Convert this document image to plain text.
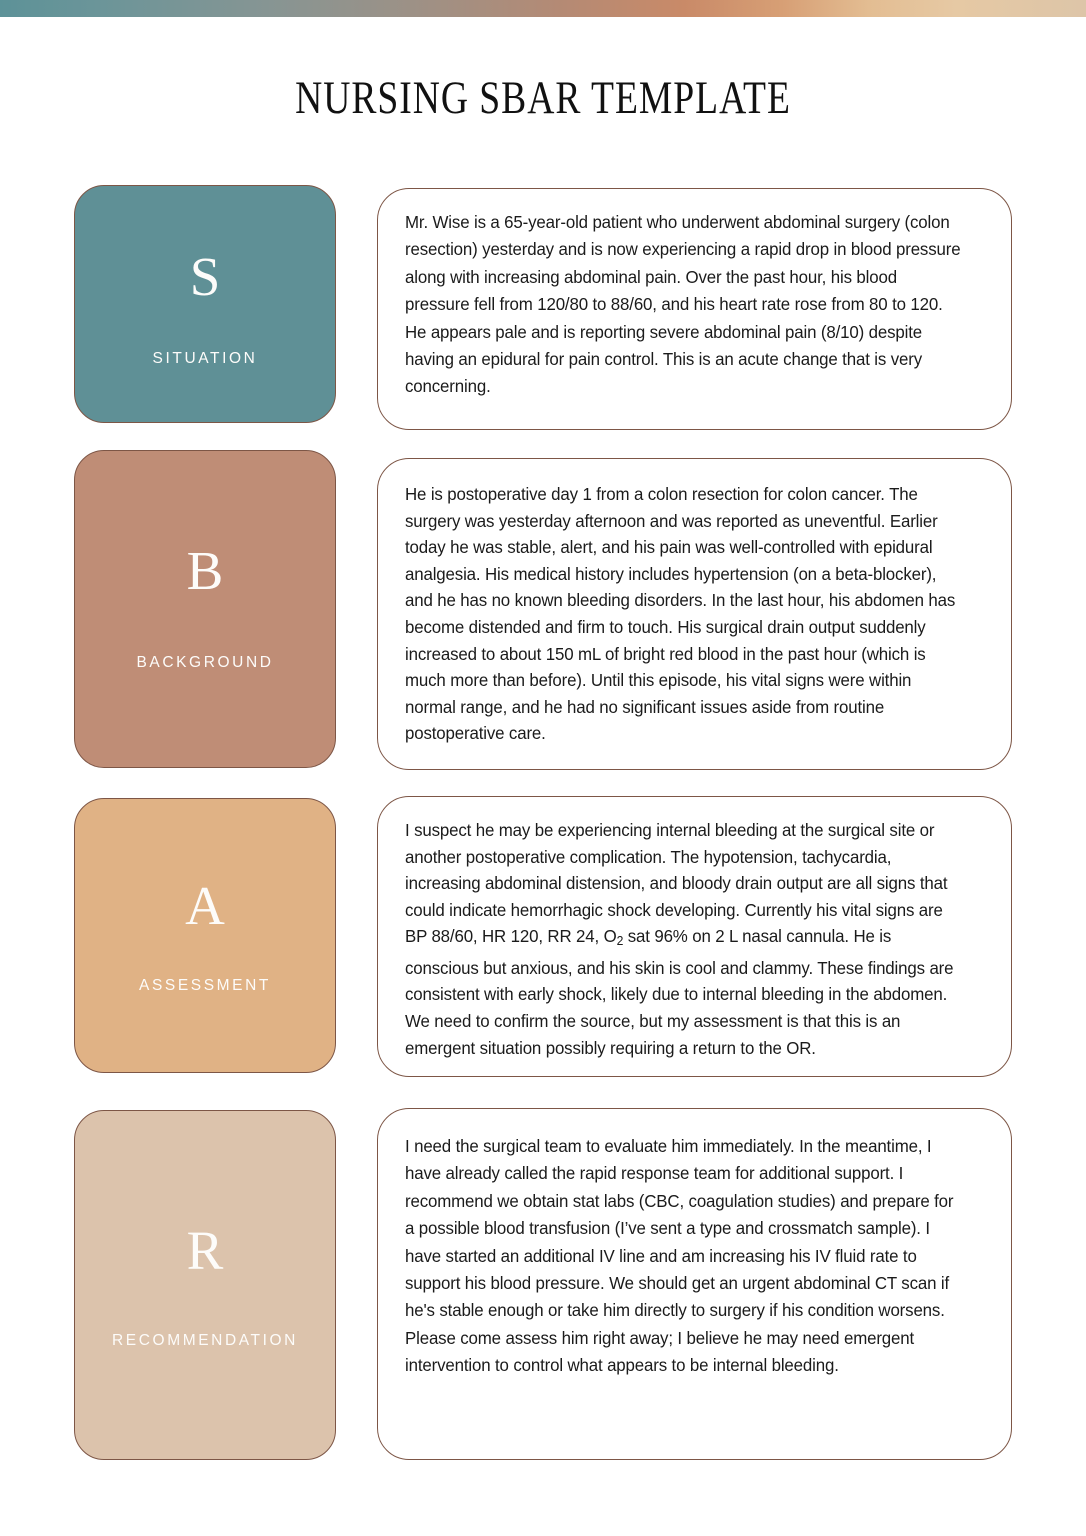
NURSING SBAR TEMPLATE
S
SITUATION
Mr. Wise is a 65-year-old patient who underwent abdominal surgery (colon resection) yesterday and is now experiencing a rapid drop in blood pressure along with increasing abdominal pain. Over the past hour, his blood pressure fell from 120/80 to 88/60, and his heart rate rose from 80 to 120. He appears pale and is reporting severe abdominal pain (8/10) despite having an epidural for pain control. This is an acute change that is very concerning.
B
BACKGROUND
He is postoperative day 1 from a colon resection for colon cancer. The surgery was yesterday afternoon and was reported as uneventful. Earlier today he was stable, alert, and his pain was well-controlled with epidural analgesia. His medical history includes hypertension (on a beta-blocker), and he has no known bleeding disorders. In the last hour, his abdomen has become distended and firm to touch. His surgical drain output suddenly increased to about 150 mL of bright red blood in the past hour (which is much more than before). Until this episode, his vital signs were within normal range, and he had no significant issues aside from routine postoperative care.
A
ASSESSMENT
I suspect he may be experiencing internal bleeding at the surgical site or another postoperative complication. The hypotension, tachycardia, increasing abdominal distension, and bloody drain output are all signs that could indicate hemorrhagic shock developing. Currently his vital signs are BP 88/60, HR 120, RR 24, $O_2$ sat 96% on 2 L nasal cannula. He is conscious but anxious, and his skin is cool and clammy. These findings are consistent with early shock, likely due to internal bleeding in the abdomen. We need to confirm the source, but my assessment is that this is an emergent situation possibly requiring a return to the OR.
R
RECOMMENDATION
I need the surgical team to evaluate him immediately. In the meantime, I have already called the rapid response team for additional support. I recommend we obtain stat labs (CBC, coagulation studies) and prepare for a possible blood transfusion (I’ve sent a type and crossmatch sample). I have started an additional IV line and am increasing his IV fluid rate to support his blood pressure. We should get an urgent abdominal CT scan if he's stable enough or take him directly to surgery if his condition worsens. Please come assess him right away; I believe he may need emergent intervention to control what appears to be internal bleeding.
